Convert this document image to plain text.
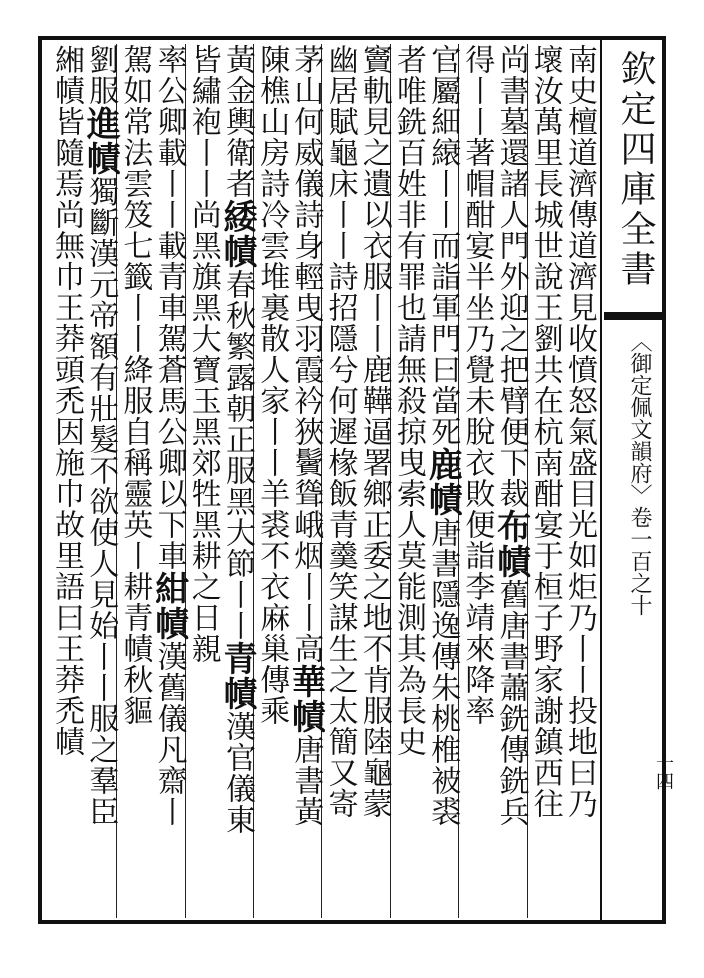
欽定四庫全書
〈御定佩文韻府〉卷一百之十
十四
南史檀道濟傳道濟見收憤怒氣盛目光如炬乃丨丨投地曰乃
壞汝萬里長城世說王劉共在杭南酣宴于桓子野家謝鎮西往
尚書墓還諸人門外迎之把臂便下裁布幘舊唐書蕭銑傳銑兵
得丨丨著帽酣宴半坐乃覺未脫衣敗便詣李靖來降率
官屬細縗丨丨而詣軍門曰當死鹿幘唐書隱逸傳朱桃椎被裘
者唯銑百姓非有罪也請無殺掠曳索人莫能測其為長史
竇軌見之遺以衣服丨丨鹿鞾逼署鄉正委之地不肯服陸龜蒙
幽居賦龜床丨丨詩招隱兮何遲椽飯青羹笑謀生之太簡又寄
茅山何威儀詩身輕曳羽霞衿狹鬢聳峨烟丨丨高華幘唐書黃
陳樵山房詩冷雲堆裏散人家丨丨羊裘不衣麻巢傳乘
黃金輿衛者緌幘春秋繁露朝正服黑大節丨丨青幘漢官儀東
皆繡袍丨丨尚黑旗黑大寶玉黑郊牲黑耕之日親
率公卿載丨丨載青車駕蒼馬公卿以下車紺幘漢舊儀凡齋丨
駕如常法雲笈七籤丨丨絳服自稱靈英丨耕青幘秋貙
劉服進幘獨斷漢元帝額有壯髮不欲使人見始丨丨服之羣臣
緗幘皆隨焉尚無巾王莽頭禿因施巾故里語曰王莽禿幘
